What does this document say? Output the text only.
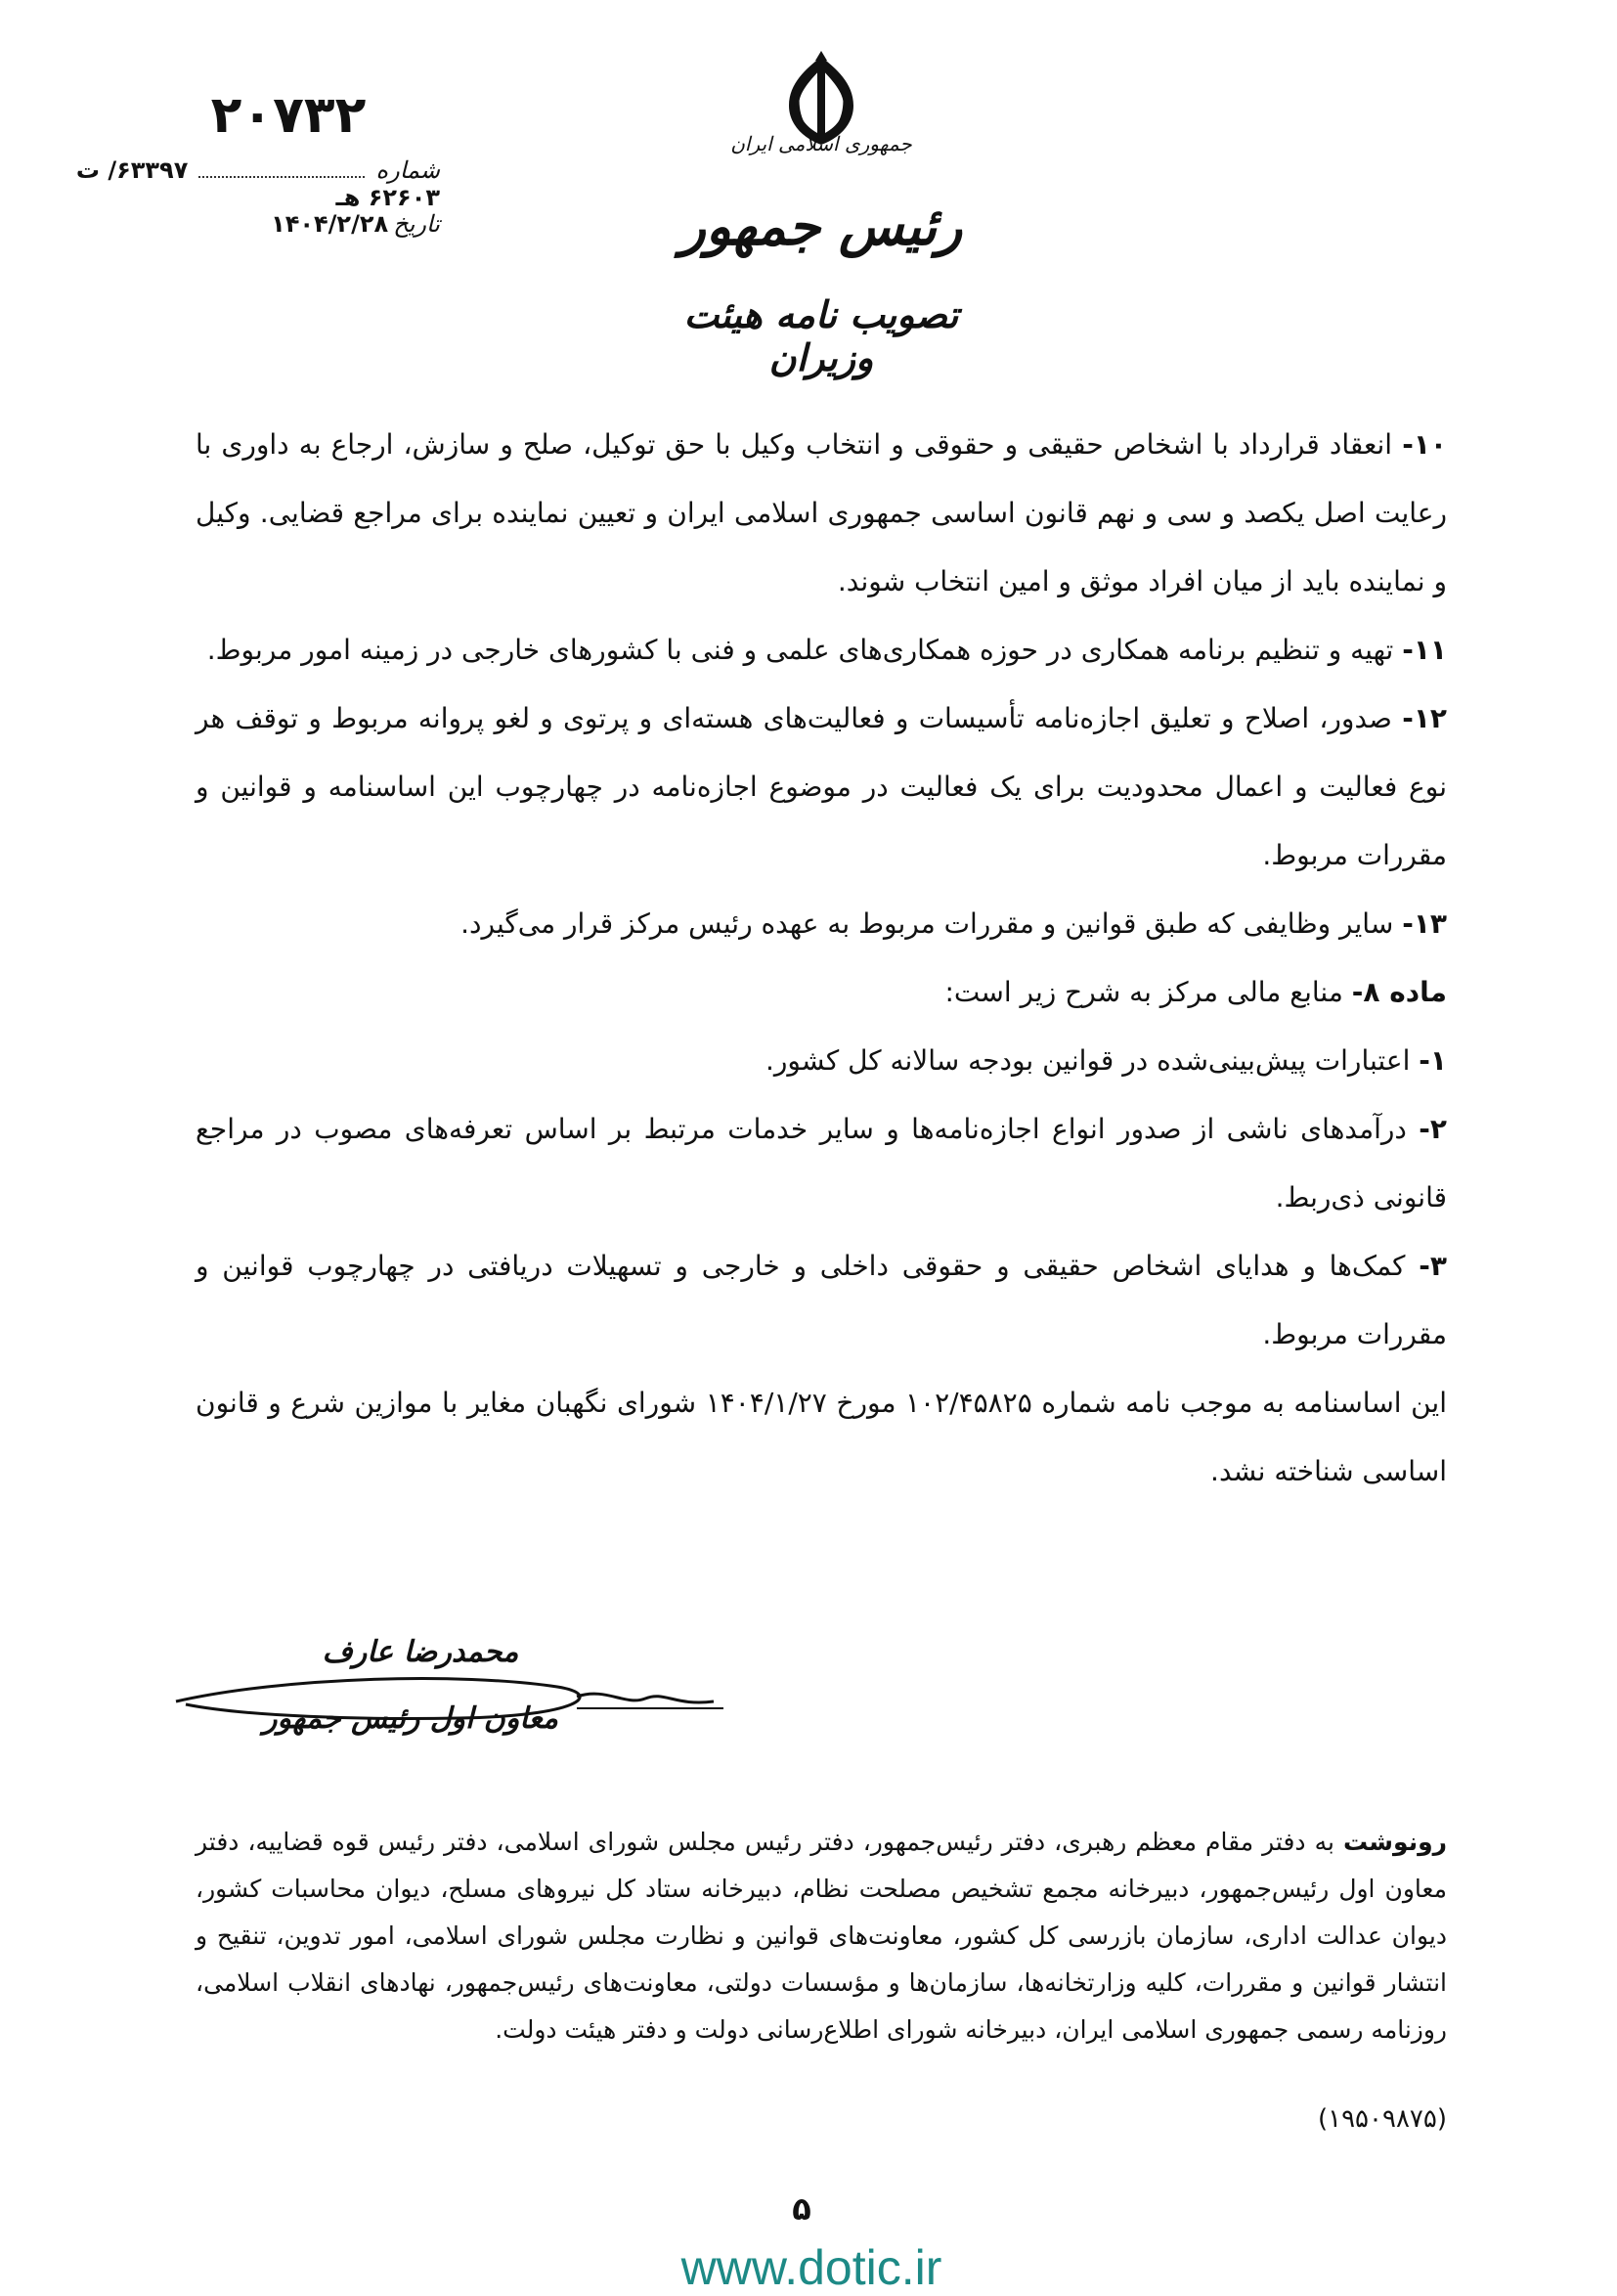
جمهوری اسلامی ایران
رئیس جمهور
تصویب نامه هیئت وزیران
۲۰۷۳۲
شماره  ۶۳۳۹۷/ ت ۶۲۶۰۳ هـ
تاریخ ۱۴۰۴/۲/۲۸

۱۰- انعقاد قرارداد با اشخاص حقیقی و حقوقی و انتخاب وکیل با حق توکیل، صلح و سازش، ارجاع به داوری با رعایت اصل یکصد و سی و نهم قانون اساسی جمهوری اسلامی ایران و تعیین نماینده برای مراجع قضایی. وکیل و نماینده باید از میان افراد موثق و امین انتخاب شوند.

۱۱- تهیه و تنظیم برنامه همکاری در حوزه همکاری‌های علمی و فنی با کشورهای خارجی در زمینه امور مربوط.

۱۲- صدور، اصلاح و تعلیق اجازه‌نامه تأسیسات و فعالیت‌های هسته‌ای و پرتوی و لغو پروانه مربوط و توقف هر نوع فعالیت و اعمال محدودیت برای یک فعالیت در موضوع اجازه‌نامه در چهارچوب این اساسنامه و قوانین و مقررات مربوط.

۱۳- سایر وظایفی که طبق قوانین و مقررات مربوط به عهده رئیس مرکز قرار می‌گیرد.

ماده ۸- منابع مالی مرکز به شرح زیر است:

۱- اعتبارات پیش‌بینی‌شده در قوانین بودجه سالانه کل کشور.

۲- درآمدهای ناشی از صدور انواع اجازه‌نامه‌ها و سایر خدمات مرتبط بر اساس تعرفه‌های مصوب در مراجع قانونی ذی‌ربط.

۳- کمک‌ها و هدایای اشخاص حقیقی و حقوقی داخلی و خارجی و تسهیلات دریافتی در چهارچوب قوانین و مقررات مربوط.

این اساسنامه به موجب نامه شماره ۱۰۲/۴۵۸۲۵ مورخ ۱۴۰۴/۱/۲۷ شورای نگهبان مغایر با موازین شرع و قانون اساسی شناخته نشد.

محمدرضا عارف
معاون اول رئیس جمهور

رونوشت به دفتر مقام معظم رهبری، دفتر رئیس‌جمهور، دفتر رئیس مجلس شورای اسلامی، دفتر رئیس قوه قضاییه، دفتر معاون اول رئیس‌جمهور، دبیرخانه مجمع تشخیص مصلحت نظام، دبیرخانه ستاد کل نیروهای مسلح، دیوان محاسبات کشور، دیوان عدالت اداری، سازمان بازرسی کل کشور، معاونت‌های قوانین و نظارت مجلس شورای اسلامی، امور تدوین، تنقیح و انتشار قوانین و مقررات، کلیه وزارتخانه‌ها، سازمان‌ها و مؤسسات دولتی، معاونت‌های رئیس‌جمهور، نهادهای انقلاب اسلامی، روزنامه رسمی جمهوری اسلامی ایران، دبیرخانه شورای اطلاع‌رسانی دولت و دفتر هیئت دولت.

(۱۹۵۰۹۸۷۵)
۵
www.dotic.ir
